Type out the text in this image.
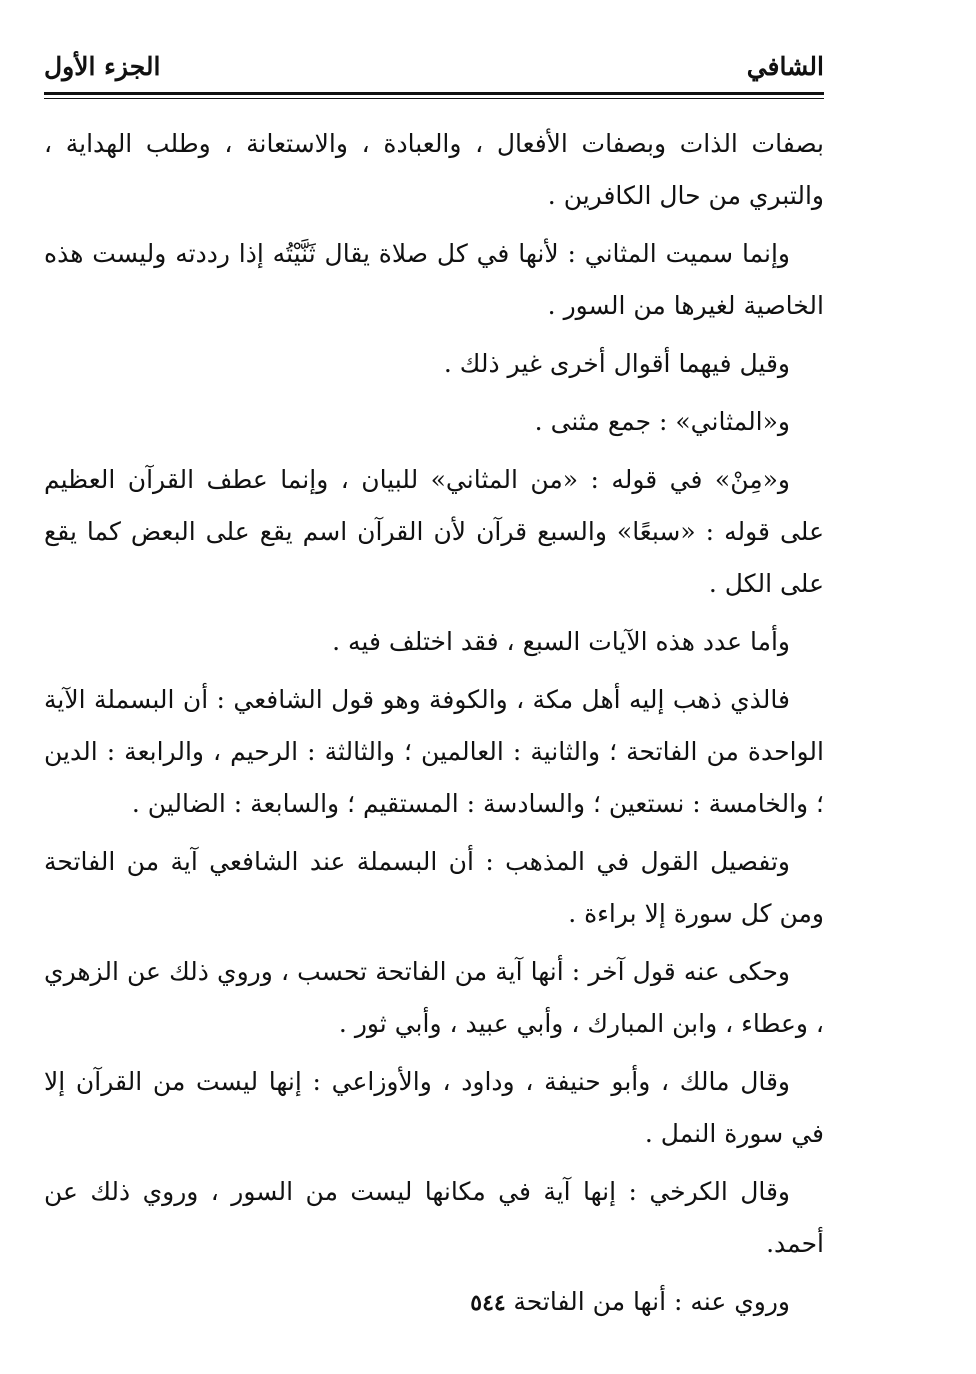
الشافي
الجزء الأول

بصفات الذات وبصفات الأفعال ، والعبادة ، والاستعانة ، وطلب الهداية ، والتبري من حال الكافرين .

وإنما سميت المثاني : لأنها في كل صلاة يقال ثَنَّيْتُه إذا رددته وليست هذه الخاصية لغيرها من السور .

وقيل فيهما أقوال أخرى غير ذلك .

و«المثاني» : جمع مثنى .

و«مِنْ» في قوله : «من المثاني» للبيان ، وإنما عطف القرآن العظيم على قوله : «سبعًا» والسبع قرآن لأن القرآن اسم يقع على البعض كما يقع على الكل .

وأما عدد هذه الآيات السبع ، فقد اختلف فيه .

فالذي ذهب إليه أهل مكة ، والكوفة وهو قول الشافعي : أن البسملة الآية الواحدة من الفاتحة ؛ والثانية : العالمين ؛ والثالثة : الرحيم ، والرابعة : الدين ؛ والخامسة : نستعين ؛ والسادسة : المستقيم ؛ والسابعة : الضالين .

وتفصيل القول في المذهب : أن البسملة عند الشافعي آية من الفاتحة ومن كل سورة إلا براءة .

وحكى عنه قول آخر : أنها آية من الفاتحة تحسب ، وروي ذلك عن الزهري ، وعطاء ، وابن المبارك ، وأبي عبيد ، وأبي ثور .

وقال مالك ، وأبو حنيفة ، وداود ، والأوزاعي : إنها ليست من القرآن إلا في سورة النمل .

وقال الكرخي : إنها آية في مكانها ليست من السور ، وروي ذلك عن أحمد.

وروي عنه : أنها من الفاتحة .

٥٤٤
